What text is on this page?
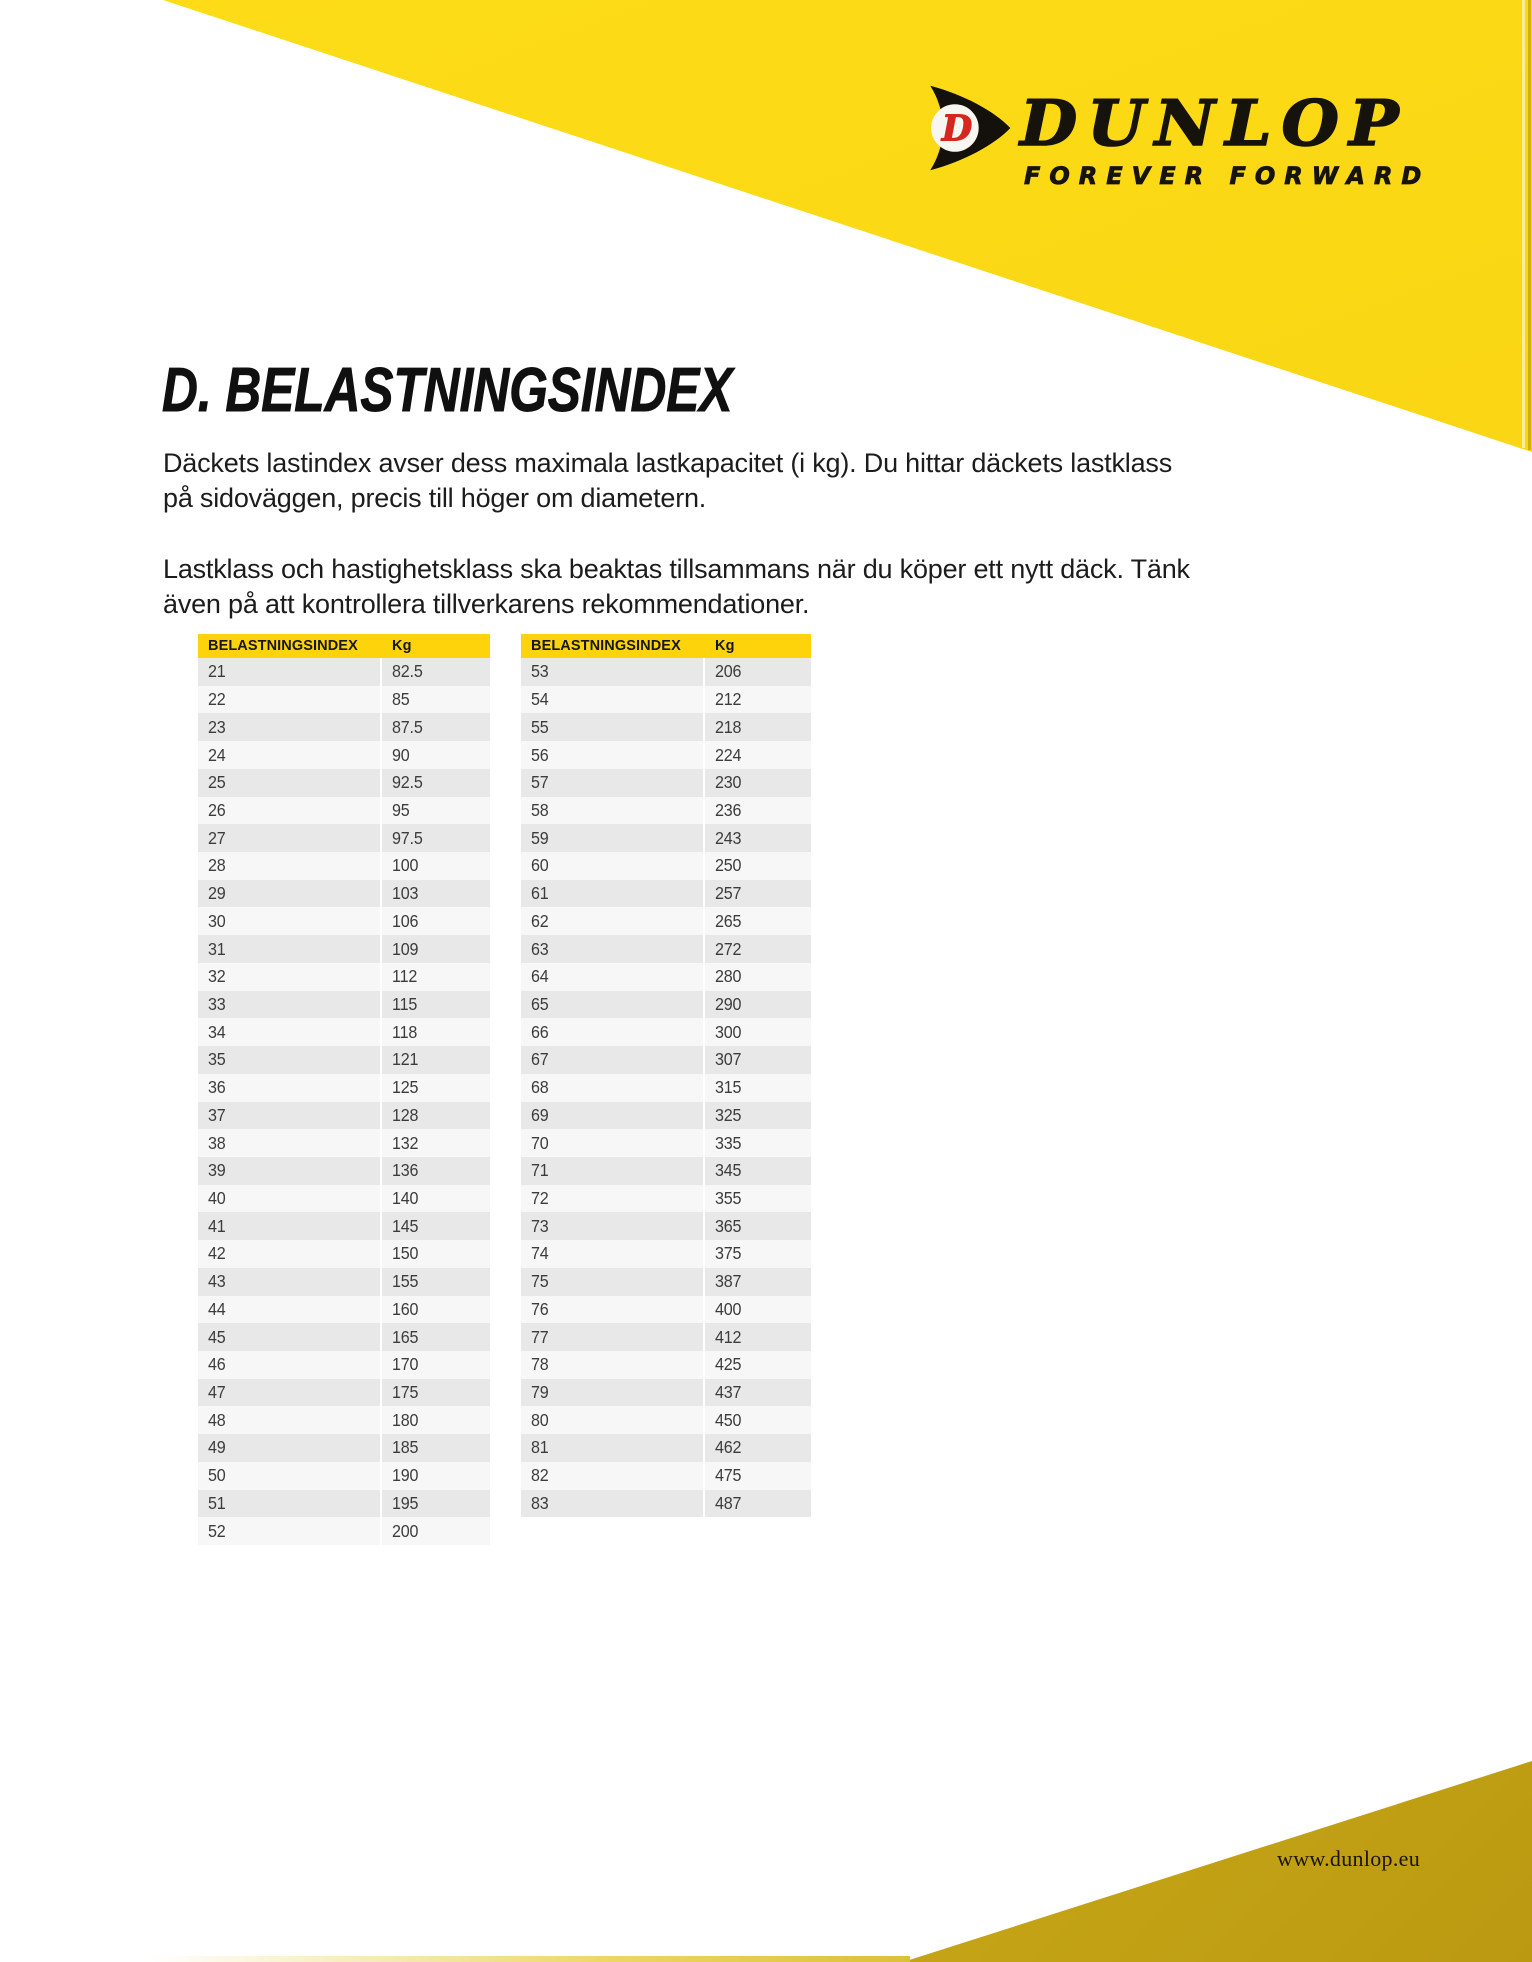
D DUNLOP
FOREVER FORWARD
D. BELASTNINGSINDEX
Däckets lastindex avser dess maximala lastkapacitet (i kg). Du hittar däckets lastklass
på sidoväggen, precis till höger om diametern.
Lastklass och hastighetsklass ska beaktas tillsammans när du köper ett nytt däck. Tänk
även på att kontrollera tillverkarens rekommendationer.
BELASTNINGSINDEX	Kg
21	82.5
22	85
23	87.5
24	90
25	92.5
26	95
27	97.5
28	100
29	103
30	106
31	109
32	112
33	115
34	118
35	121
36	125
37	128
38	132
39	136
40	140
41	145
42	150
43	155
44	160
45	165
46	170
47	175
48	180
49	185
50	190
51	195
52	200
BELASTNINGSINDEX	Kg
53	206
54	212
55	218
56	224
57	230
58	236
59	243
60	250
61	257
62	265
63	272
64	280
65	290
66	300
67	307
68	315
69	325
70	335
71	345
72	355
73	365
74	375
75	387
76	400
77	412
78	425
79	437
80	450
81	462
82	475
83	487
www.dunlop.eu
